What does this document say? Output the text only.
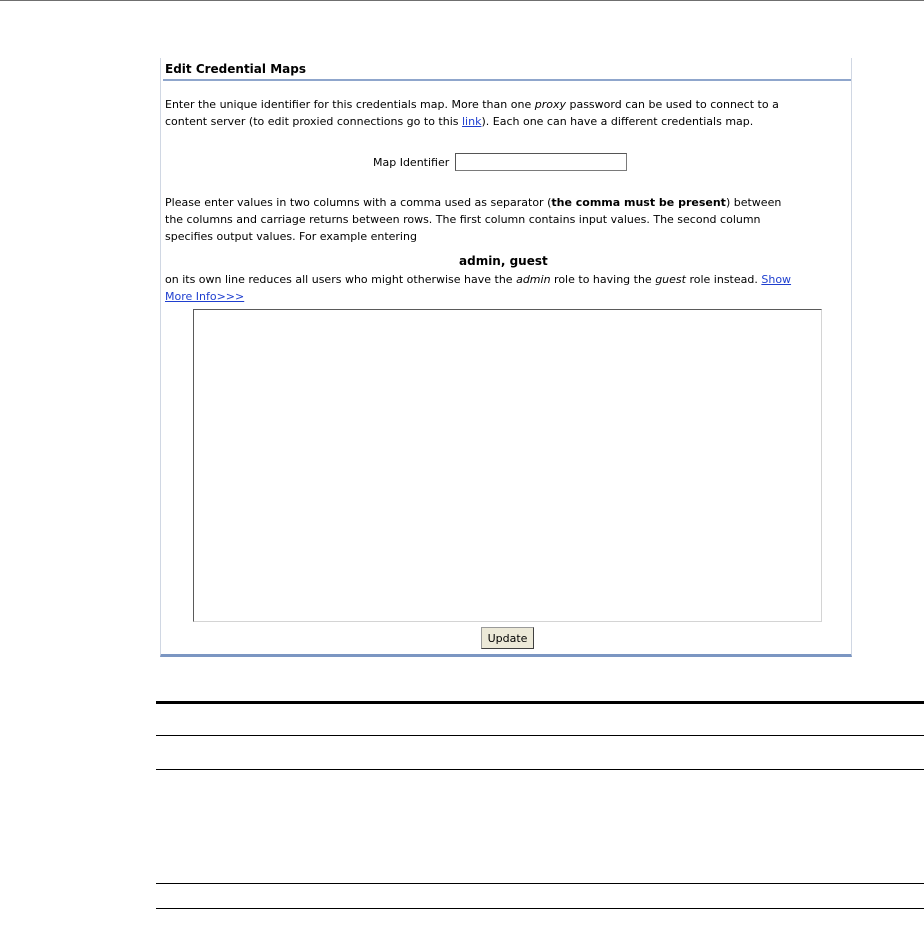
Edit Credential Maps
Enter the unique identifier for this credentials map. More than one proxy password can be used to connect to a
content server (to edit proxied connections go to this link). Each one can have a different credentials map.
Map Identifier
Please enter values in two columns with a comma used as separator (the comma must be present) between
the columns and carriage returns between rows. The first column contains input values. The second column
specifies output values. For example entering
admin, guest
on its own line reduces all users who might otherwise have the admin role to having the guest role instead. Show
More Info>>>
Update
